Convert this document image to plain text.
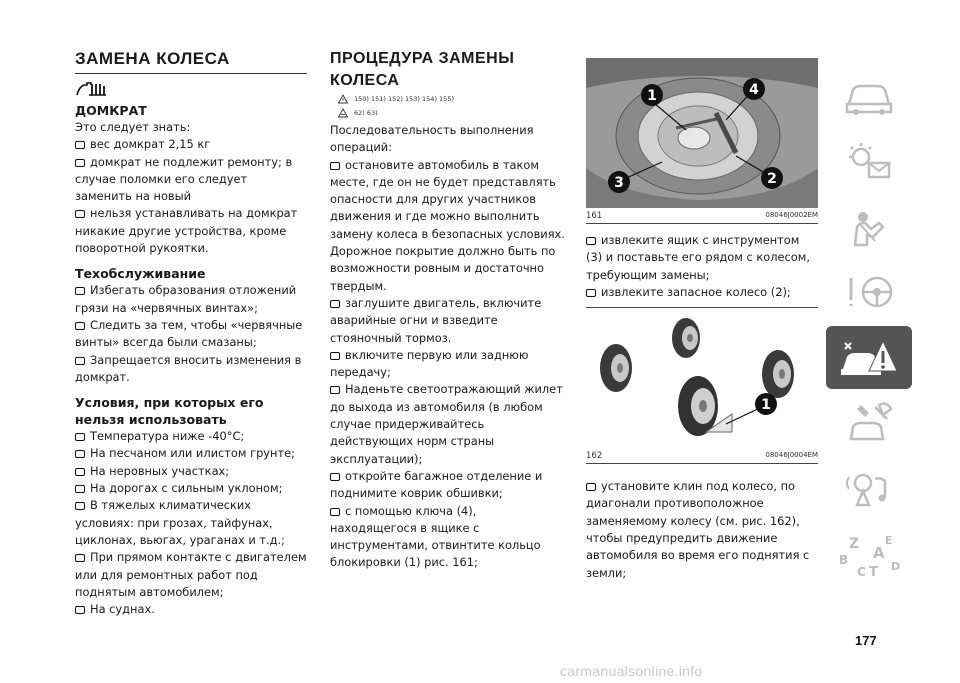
ЗАМЕНА КОЛЕСА
ДОМКРАТ

Это следует знать:

вес домкрат 2,15 кг

домкрат не подлежит ремонту; в случае поломки его следует заменить на новый

нельзя устанавливать на домкрат никакие другие устройства, кроме поворотной рукоятки.

Техобслуживание

Избегать образования отложений грязи на «червячных винтах»;

Следить за тем, чтобы «червячные винты» всегда были смазаны;

Запрещается вносить изменения в домкрат.

Условия, при которых его нельзя использовать

Температура ниже -40°C;

На песчаном или илистом грунте;

На неровных участках;

На дорогах с сильным уклоном;

В тяжелых климатических условиях: при грозах, тайфунах, циклонах, вьюгах, ураганах и т.д.;

При прямом контакте с двигателем или для ремонтных работ под поднятым автомобилем;

На суднах.

ПРОЦЕДУРА ЗАМЕНЫ КОЛЕСА
150) 151) 152) 153) 154) 155)
62) 63)

Последовательность выполнения операций:

остановите автомобиль в таком месте, где он не будет представлять опасности для других участников движения и где можно выполнить замену колеса в безопасных условиях. Дорожное покрытие должно быть по возможности ровным и достаточно твердым.

заглушите двигатель, включите аварийные огни и взведите стояночный тормоз.

включите первую или заднюю передачу;

Наденьте светоотражающий жилет до выхода из автомобиля (в любом случае придерживайтесь действующих норм страны эксплуатации);

откройте багажное отделение и поднимите коврик обшивки;

с помощью ключа (4), находящегося в ящике с инструментами, отвинтите кольцо блокировки (1) рис. 161;

1	4
2
3
161	08046J0002EM

извлеките ящик с инструментом (3) и поставьте его рядом с колесом, требующим замены;

извлеките запасное колесо (2);

1
162	08046J0004EM

установите клин под колесо, по диагонали противоположное заменяемому колесу (см. рис. 162), чтобы предупредить движение автомобиля во время его поднятия с земли;

Z E
A
B
C D
T
177
carmanualsonline.info
